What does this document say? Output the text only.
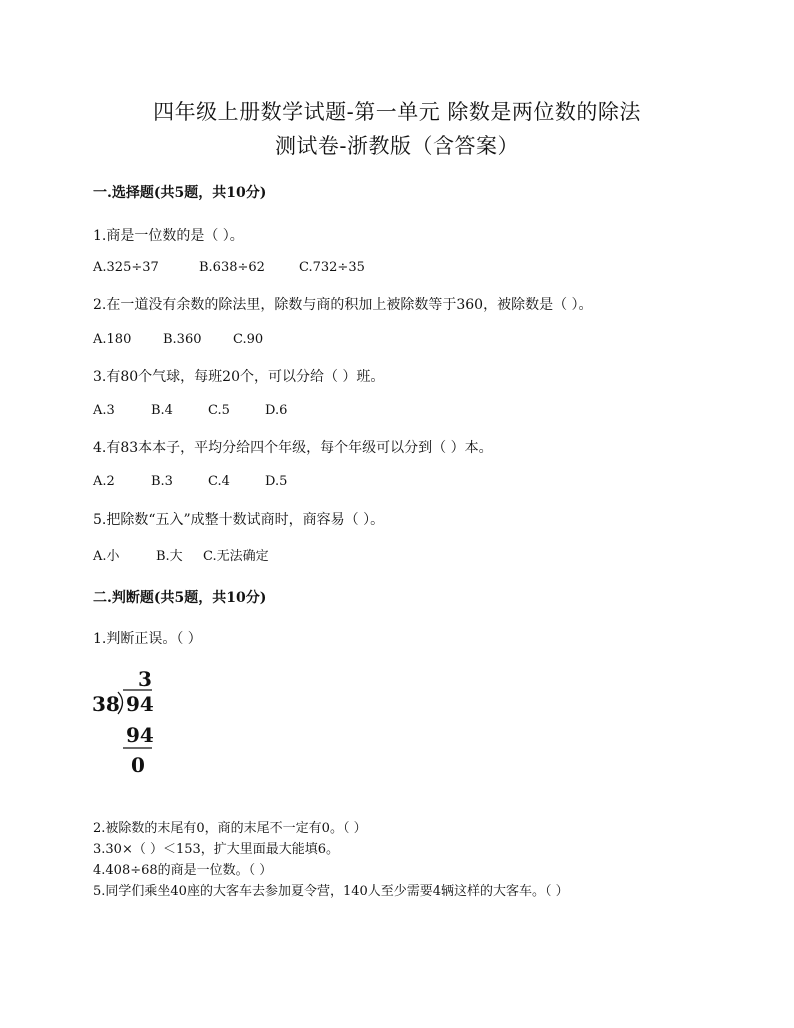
四年级上册数学试题-第一单元 除数是两位数的除法
测试卷-浙教版（含答案）
一.选择题(共5题，共10分)
1.商是一位数的是（ ）。
A.325÷37	B.638÷62	C.732÷35
2.在一道没有余数的除法里，除数与商的积加上被除数等于360，被除数是（ ）。
A.180 B.360 C.90
3.有80个气球，每班20个，可以分给（ ）班。
A.3	B.4	C.5	D.6
4.有83本本子，平均分给四个年级，每个年级可以分到（ ）本。
A.2	B.3	C.4	D.5
5.把除数“五入”成整十数试商时，商容易（ ）。
A.小	B.大 C.无法确定
二.判断题(共5题，共10分)
1.判断正误。（ ）
3
38 94
94
0
2.被除数的末尾有0，商的末尾不一定有0。（ ）
3.30×（ ）＜153，扩大里面最大能填6。
4.408÷68的商是一位数。（ ）
5.同学们乘坐40座的大客车去参加夏令营，140人至少需要4辆这样的大客车。（ ）
